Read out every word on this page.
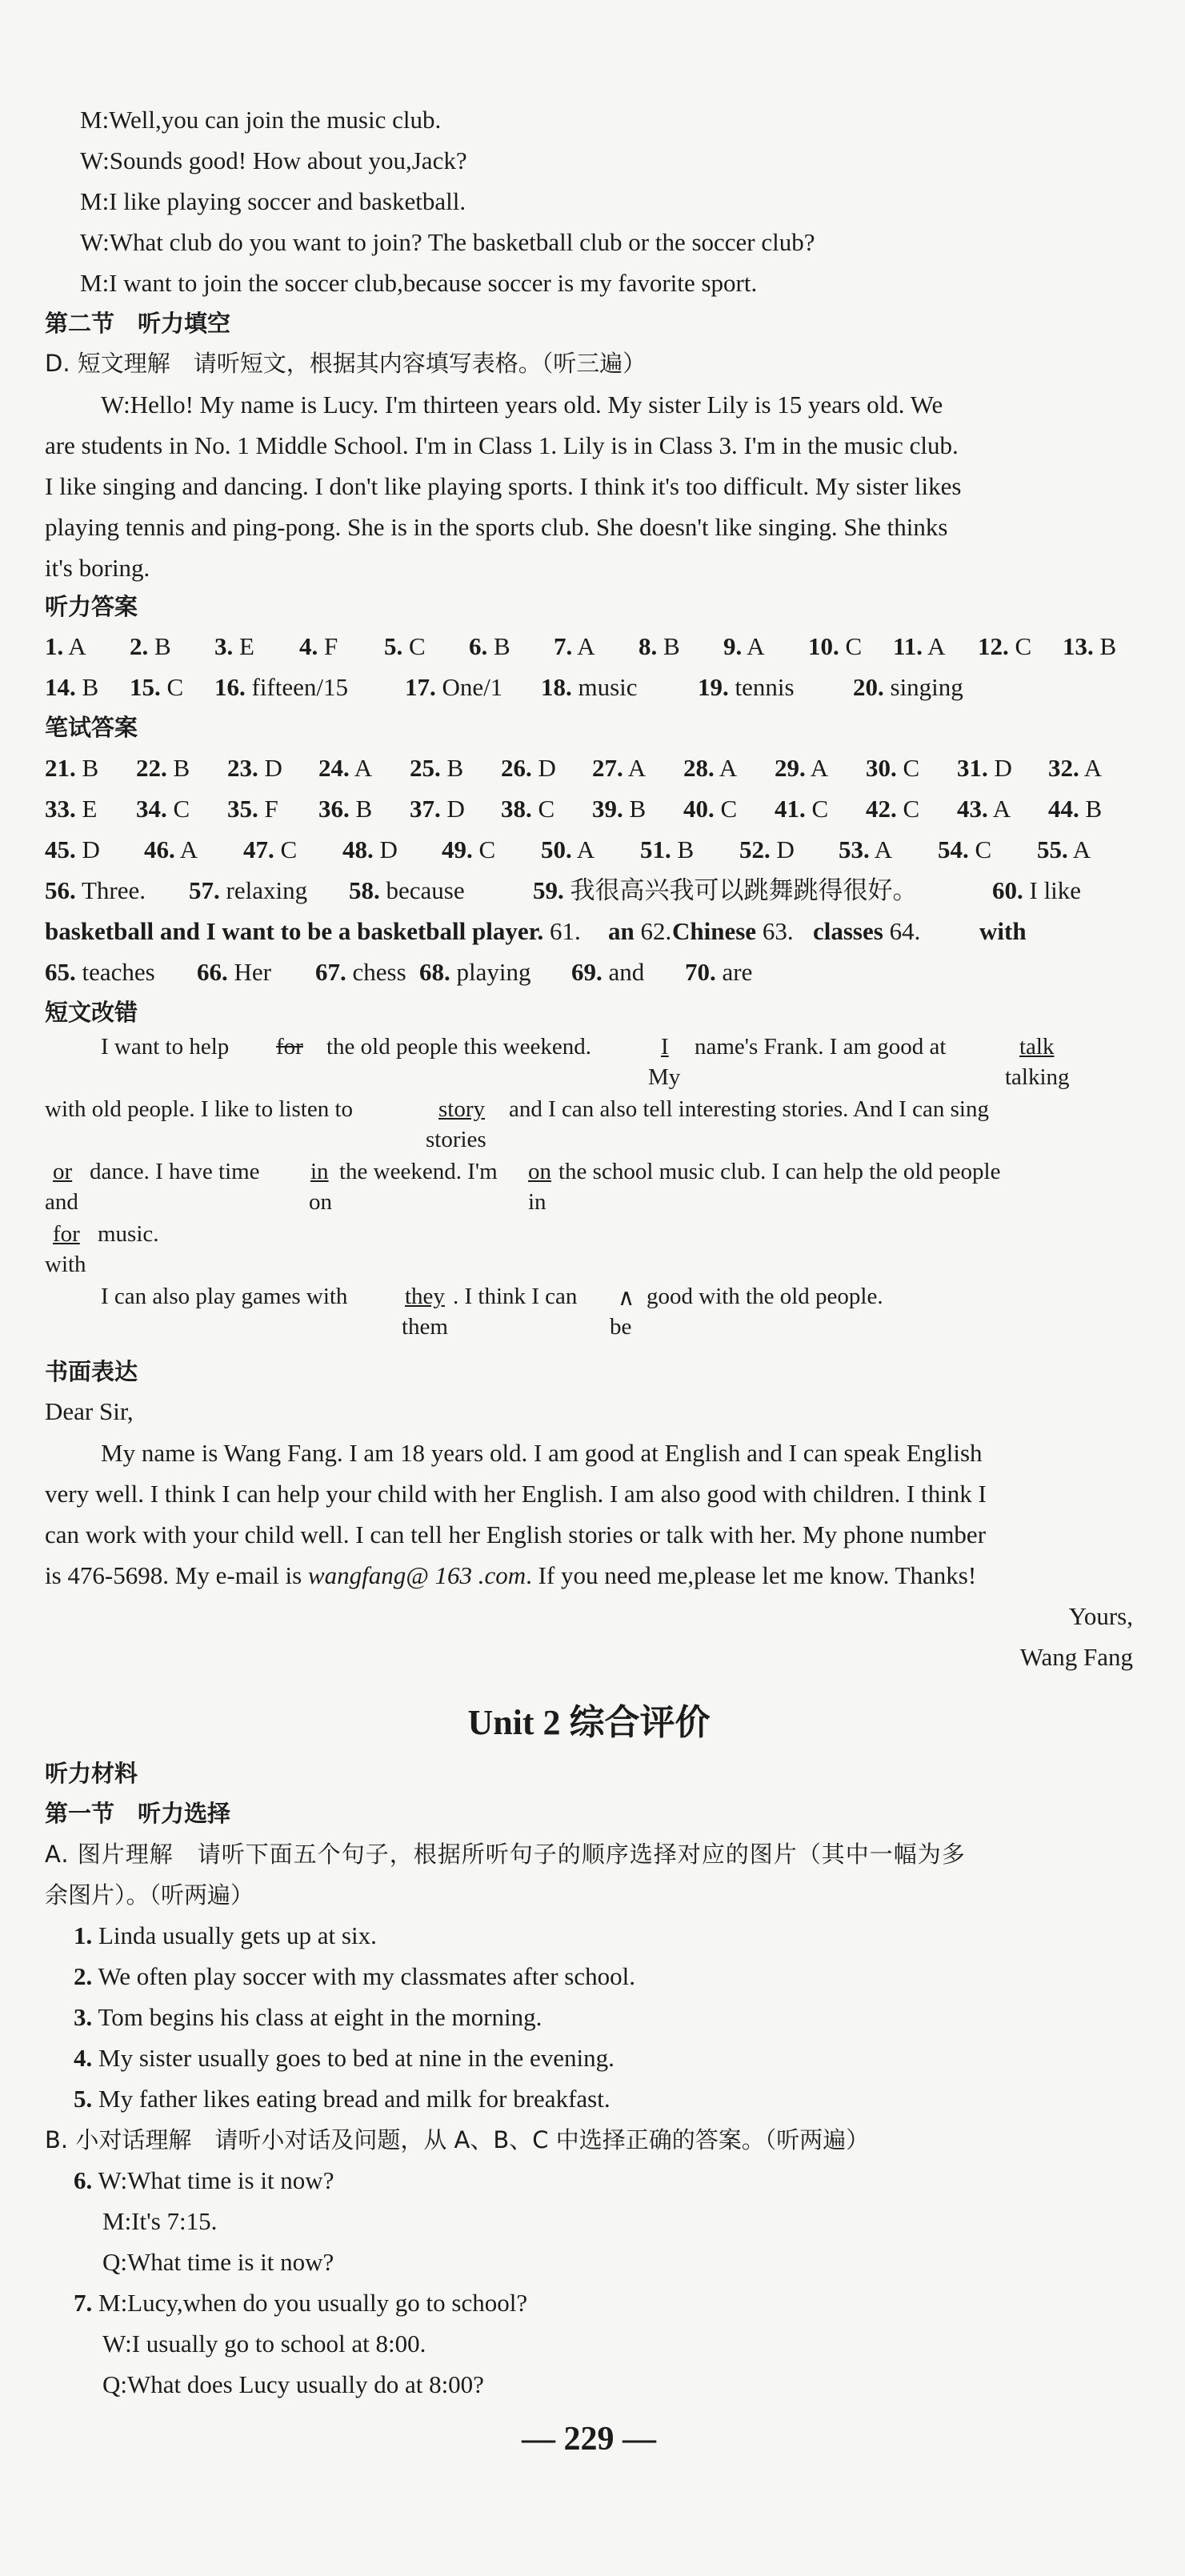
M:Well,you can join the music club.
W:Sounds good! How about you,Jack?
M:I like playing soccer and basketball.
W:What club do you want to join? The basketball club or the soccer club?
M:I want to join the soccer club,because soccer is my favorite sport.
第二节　听力填空
D. 短文理解　请听短文，根据其内容填写表格。（听三遍）
W:Hello! My name is Lucy. I'm thirteen years old. My sister Lily is 15 years old. We
are students in No. 1 Middle School. I'm in Class 1. Lily is in Class 3. I'm in the music club.
I like singing and dancing. I don't like playing sports. I think it's too difficult. My sister likes
playing tennis and ping-pong. She is in the sports club. She doesn't like singing. She thinks
it's boring.
听力答案
1. A 2. B 3. E 4. F 5. C 6. B 7. A 8. B 9. A 10. C 11. A 12. C 13. B
14. B 15. C 16. fifteen/15 17. One/1 18. music 19. tennis 20. singing
笔试答案
21. B 22. B 23. D 24. A 25. B 26. D 27. A 28. A 29. A 30. C 31. D 32. A
33. E 34. C 35. F 36. B 37. D 38. C 39. B 40. C 41. C 42. C 43. A 44. B
45. D 46. A 47. C 48. D 49. C 50. A 51. B 52. D 53. A 54. C 55. A
56. Three. 57. relaxing 58. because	59. 我很高兴我可以跳舞跳得很好。	60. I like
basketball and I want to be a basketball player. 61. an 62. Chinese 63. classes 64. with
65. teaches 66. Her 67. chess 68. playing 69. and 70. are
短文改错
I want to help for the old people this weekend.	I
My
name's Frank. I am good at	talk
talking
with old people. I like to listen to	story
stories
and I can also tell interesting stories. And I can sing
or
and
dance. I have time in
on
the weekend. I'm on
in
the school music club. I can help the old people
for
with
music.
I can also play games with they
them
. I think I can ∧
be
good with the old people.
书面表达
Dear Sir,
My name is Wang Fang. I am 18 years old. I am good at English and I can speak English
very well. I think I can help your child with her English. I am also good with children. I think I
can work with your child well. I can tell her English stories or talk with her. My phone number
is 476-5698. My e-mail is wangfang@ 163 .com. If you need me,please let me know. Thanks!
Yours,
Wang Fang
Unit 2 综合评价
听力材料
第一节　听力选择
A. 图片理解　请听下面五个句子，根据所听句子的顺序选择对应的图片（其中一幅为多
余图片）。（听两遍）
1. Linda usually gets up at six.
2. We often play soccer with my classmates after school.
3. Tom begins his class at eight in the morning.
4. My sister usually goes to bed at nine in the evening.
5. My father likes eating bread and milk for breakfast.
B. 小对话理解　请听小对话及问题，从 A、B、C 中选择正确的答案。（听两遍）
6. W:What time is it now?
M:It's 7:15.
Q:What time is it now?
7. M:Lucy,when do you usually go to school?
W:I usually go to school at 8:00.
Q:What does Lucy usually do at 8:00?
— 229 —
